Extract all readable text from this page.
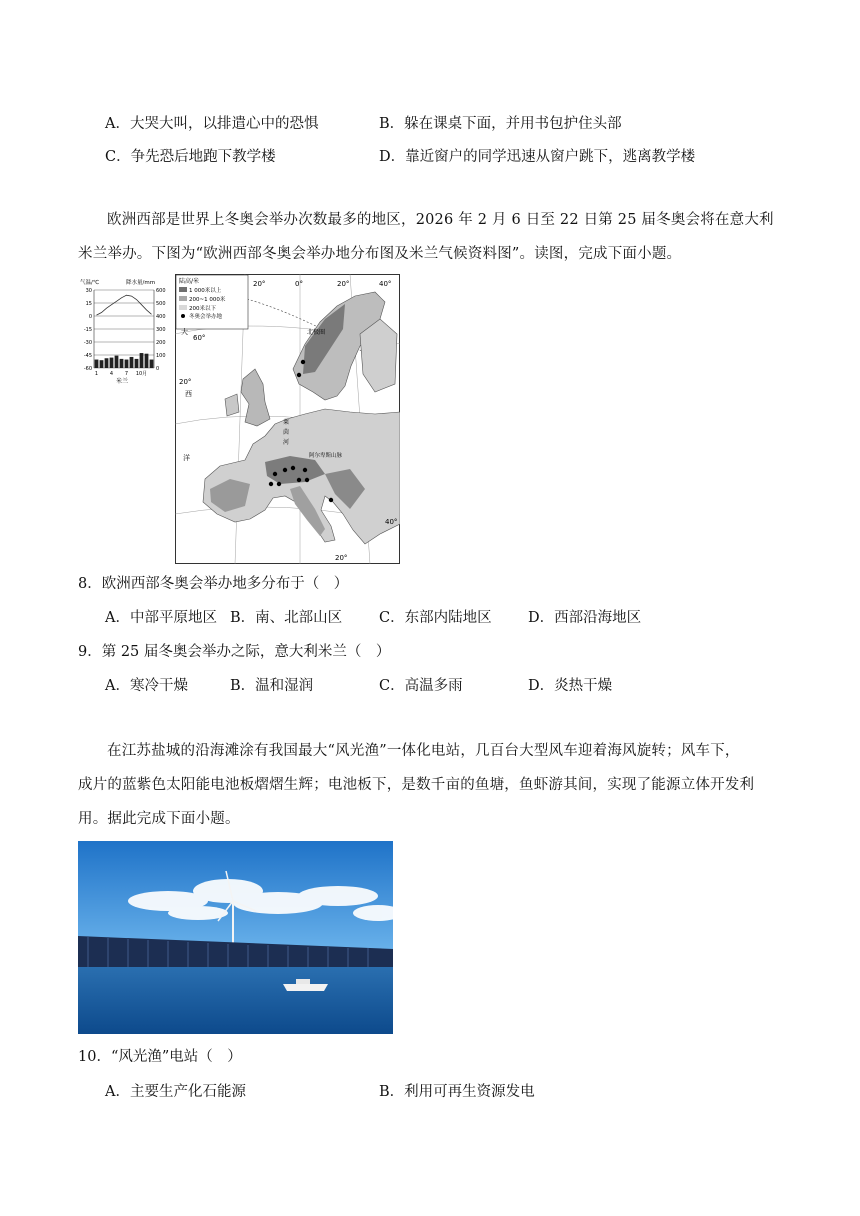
A．大哭大叫，以排遣心中的恐惧	B．躲在课桌下面，并用书包护住头部
C．争先恐后地跑下教学楼	D．靠近窗户的同学迅速从窗户跳下，逃离教学楼
欧洲西部是世界上冬奥会举办次数最多的地区，2026 年 2 月 6 日至 22 日第 25 届冬奥会将在意大利
米兰举办。下图为“欧洲西部冬奥会举办地分布图及米兰气候资料图”。读图，完成下面小题。
气温/℃	降水量/mm
30	600
15	500
0	400
-15	300
-30	200
-45	100
-60	0
1 4 7 10月
米兰
陆高/米
1 000米以上
200~1 000米
200米以下
冬奥会举办地
20°	0°	20°	40°
60°
20°
40°
20°
北极圈
大
西
洋	阿尔卑斯山脉
莱
茵
河
8．欧洲西部冬奥会举办地多分布于（　）
A．中部平原地区 B．南、北部山区	C．东部内陆地区	D．西部沿海地区
9．第 25 届冬奥会举办之际，意大利米兰（　）
A．寒冷干燥	B．温和湿润	C．高温多雨	D．炎热干燥
在江苏盐城的沿海滩涂有我国最大“风光渔”一体化电站，几百台大型风车迎着海风旋转；风车下，
成片的蓝紫色太阳能电池板熠熠生辉；电池板下，是数千亩的鱼塘，鱼虾游其间，实现了能源立体开发利
用。据此完成下面小题。
10．“风光渔”电站（　）
A．主要生产化石能源	B．利用可再生资源发电
